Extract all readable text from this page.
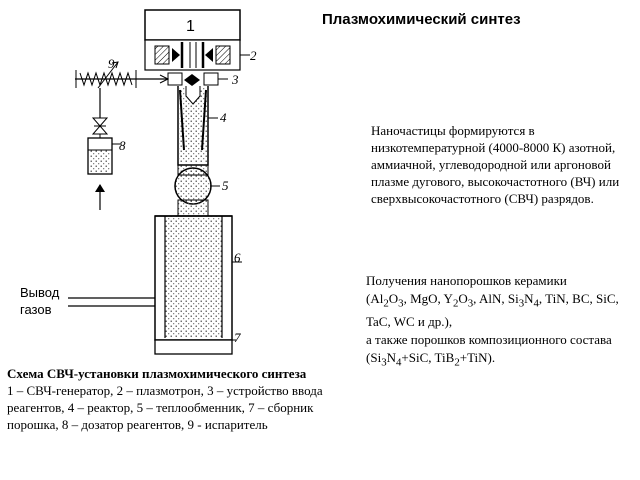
Плазмохимический синтез
1
2
3
9
8
4
5
6
7
Вывод газов
Наночастицы формируются в низкотемпературной (4000-8000 К) азотной, аммиачной, углеводородной или аргоновой плазме дугового, высокочастотного (ВЧ) или сверхвысокочастотного (СВЧ) разрядов.
Получения нанопорошков керамики
($Al_2O_3$, MgO, $Y_2O_3$, AlN, $Si_3N_4$, TiN, BC, SiC, TaC, WC и др.),
а также порошков композиционного состава ($Si_3N_4+SiC$, TiB$_2$+TiN).
Схема СВЧ-установки плазмохимического синтеза
1 – СВЧ-генератор, 2 – плазмотрон, 3 – устройство ввода реагентов, 4 – реактор, 5 – теплообменник, 7 – сборник порошка, 8 – дозатор реагентов, 9 - испаритель
